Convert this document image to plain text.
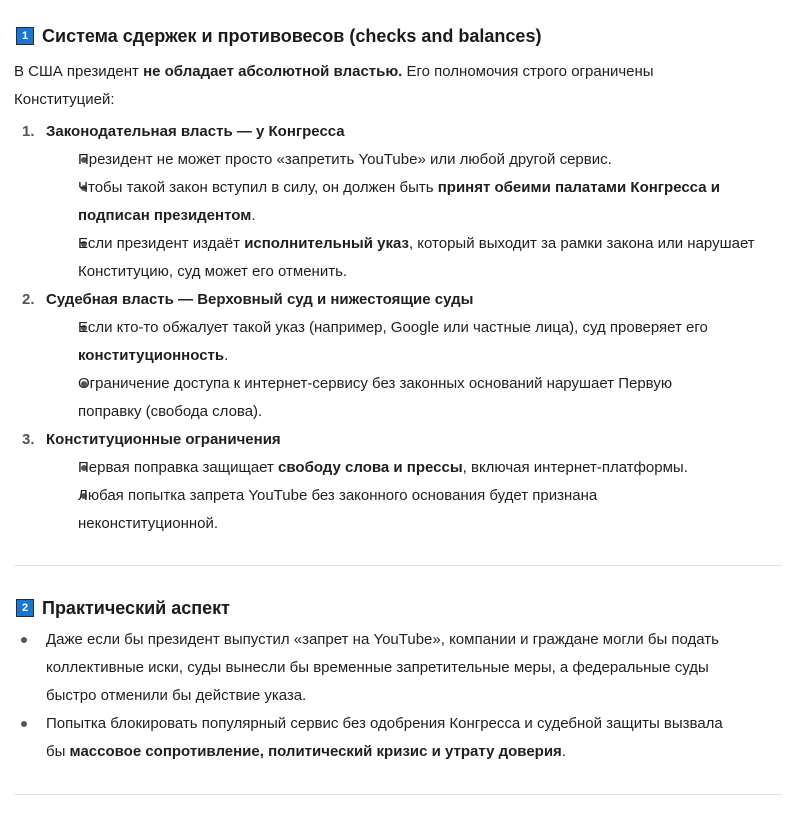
1 Система сдержек и противовесов (checks and balances)
В США президент не обладает абсолютной властью. Его полномочия строго ограничены
Конституцией:
1. Законодательная власть — у Конгресса
Президент не может просто «запретить YouTube» или любой другой сервис.
Чтобы такой закон вступил в силу, он должен быть принят обеими палатами Конгресса и
подписан президентом.
Если президент издаёт исполнительный указ, который выходит за рамки закона или нарушает
Конституцию, суд может его отменить.
2. Судебная власть — Верховный суд и нижестоящие суды
Если кто-то обжалует такой указ (например, Google или частные лица), суд проверяет его
конституционность.
Ограничение доступа к интернет-сервису без законных оснований нарушает Первую
поправку (свобода слова).
3. Конституционные ограничения
Первая поправка защищает свободу слова и прессы, включая интернет-платформы.
Любая попытка запрета YouTube без законного основания будет признана
неконституционной.
2 Практический аспект
Даже если бы президент выпустил «запрет на YouTube», компании и граждане могли бы подать
коллективные иски, суды вынесли бы временные запретительные меры, а федеральные суды
быстро отменили бы действие указа.
Попытка блокировать популярный сервис без одобрения Конгресса и судебной защиты вызвала
бы массовое сопротивление, политический кризис и утрату доверия.
